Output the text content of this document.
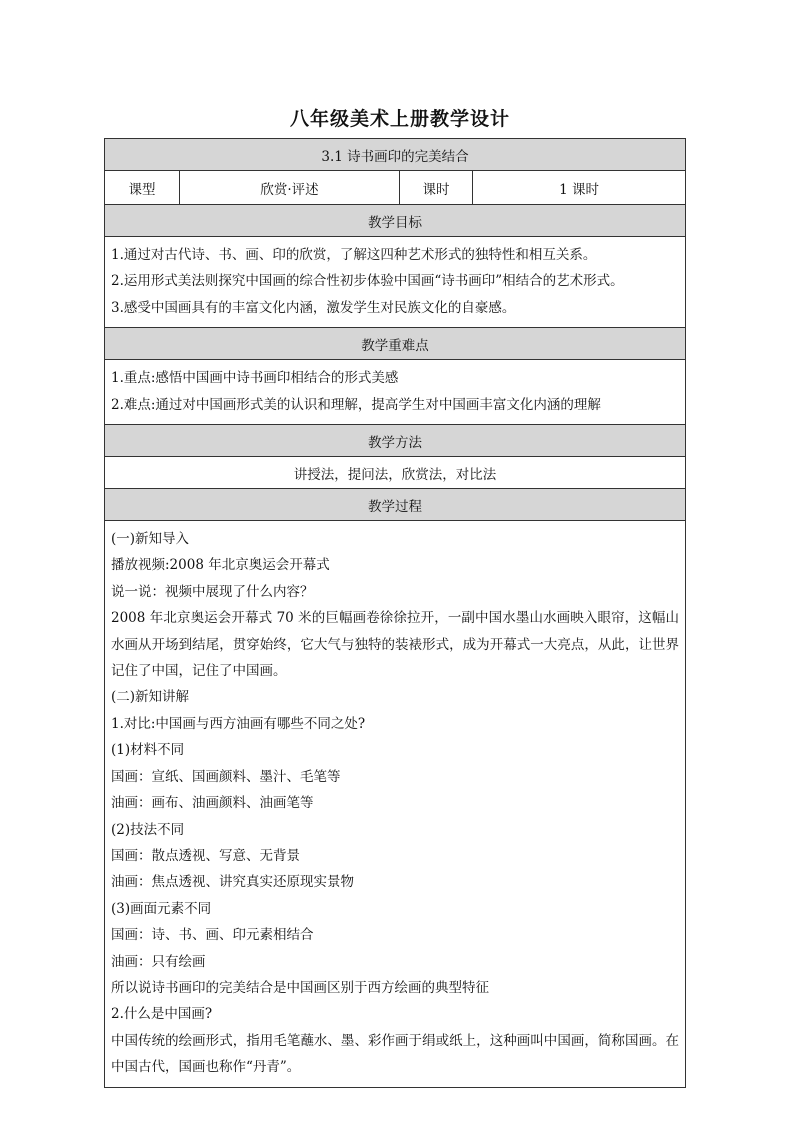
八年级美术上册教学设计
3.1 诗书画印的完美结合
课型	欣赏·评述	课时	1 课时
教学目标

1.通过对古代诗、书、画、印的欣赏，了解这四种艺术形式的独特性和相互关系。
2.运用形式美法则探究中国画的综合性初步体验中国画“诗书画印”相结合的艺术形式。
3.感受中国画具有的丰富文化内涵，激发学生对民族文化的自豪感。

教学重难点

1.重点:感悟中国画中诗书画印相结合的形式美感
2.难点:通过对中国画形式美的认识和理解，提高学生对中国画丰富文化内涵的理解

教学方法
讲授法，提问法，欣赏法，对比法
教学过程

(一)新知导入
播放视频:2008 年北京奥运会开幕式
说一说：视频中展现了什么内容？
2008 年北京奥运会开幕式 70 米的巨幅画卷徐徐拉开，一副中国水墨山水画映入眼帘，这幅山水画从开场到结尾，贯穿始终，它大气与独特的装裱形式，成为开幕式一大亮点，从此，让世界记住了中国，记住了中国画。
(二)新知讲解
1.对比:中国画与西方油画有哪些不同之处?
(1)材料不同
国画：宣纸、国画颜料、墨汁、毛笔等
油画：画布、油画颜料、油画笔等
(2)技法不同
国画：散点透视、写意、无背景
油画：焦点透视、讲究真实还原现实景物
(3)画面元素不同
国画：诗、书、画、印元素相结合
油画：只有绘画
所以说诗书画印的完美结合是中国画区别于西方绘画的典型特征
2.什么是中国画?
中国传统的绘画形式，指用毛笔蘸水、墨、彩作画于绢或纸上，这种画叫中国画，简称国画。在中国古代，国画也称作“丹青”。
